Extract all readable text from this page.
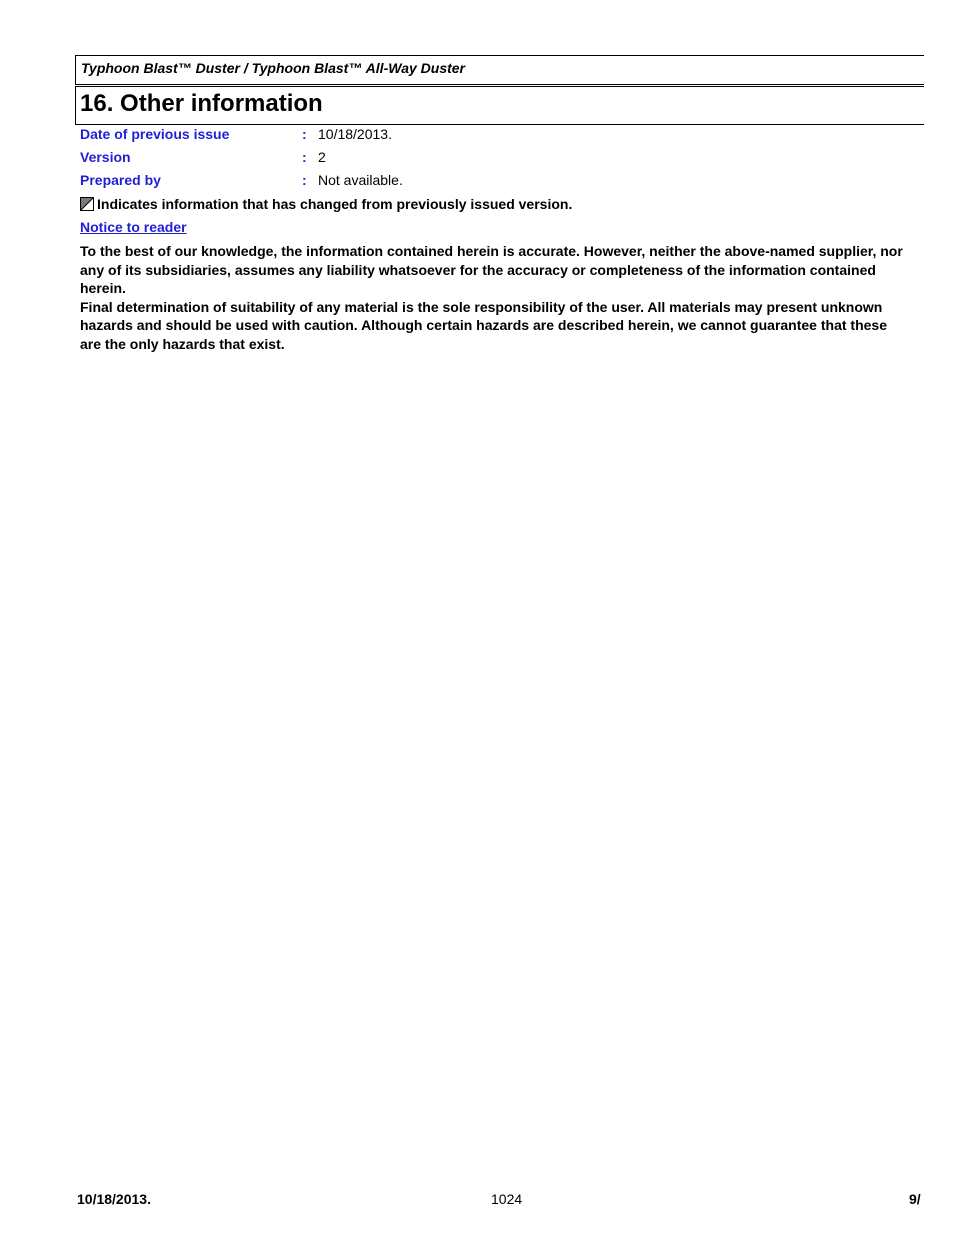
Typhoon Blast™ Duster / Typhoon Blast™ All-Way Duster
16. Other information
Date of previous issue	: 10/18/2013.
Version	: 2
Prepared by	: Not available.
Indicates information that has changed from previously issued version.
Notice to reader

To the best of our knowledge, the information contained herein is accurate. However, neither the above-named supplier, nor any of its subsidiaries, assumes any liability whatsoever for the accuracy or completeness of the information contained herein.

Final determination of suitability of any material is the sole responsibility of the user. All materials may present unknown hazards and should be used with caution. Although certain hazards are described herein, we cannot guarantee that these are the only hazards that exist.

10/18/2013.	1024	9/
